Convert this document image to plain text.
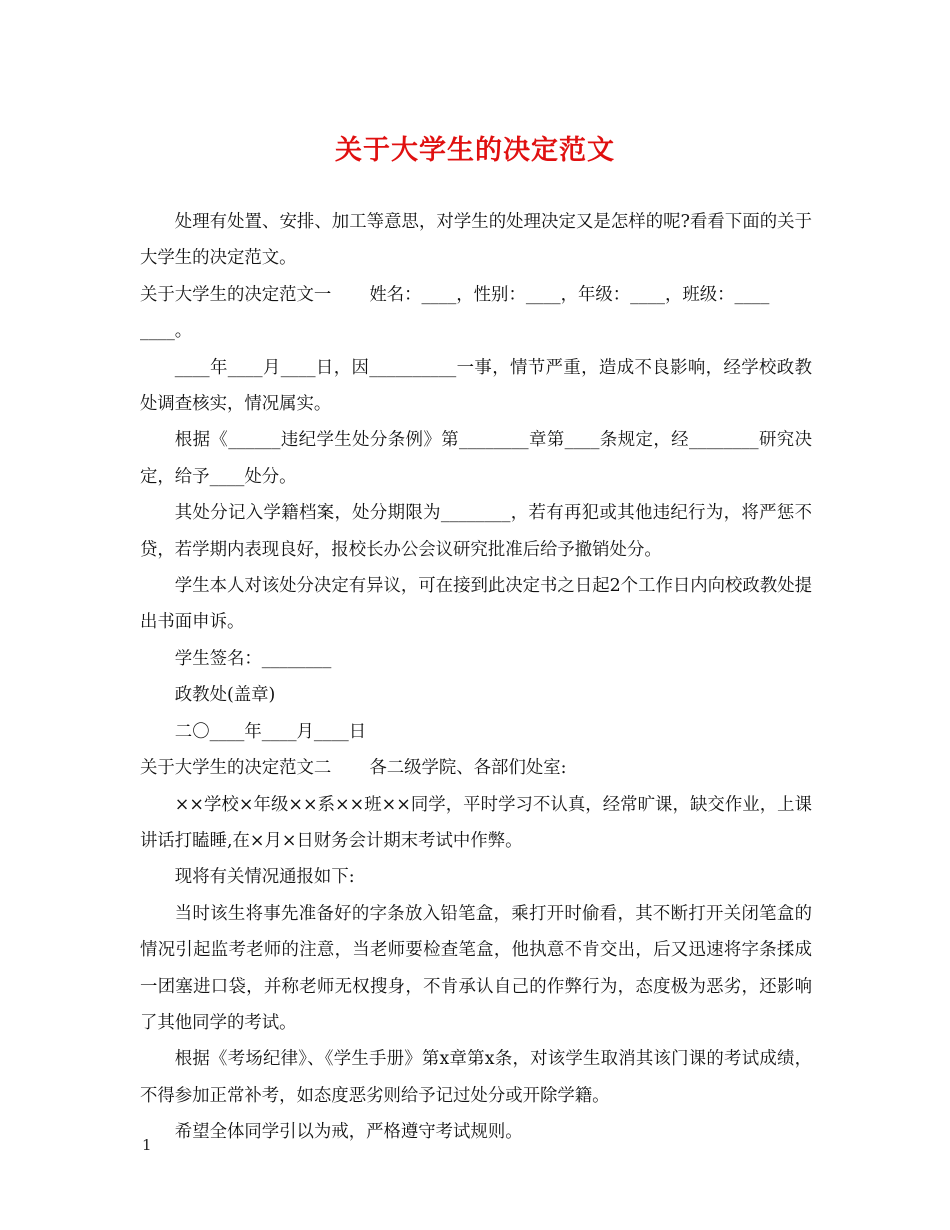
关于大学生的决定范文

处理有处置、安排、加工等意思，对学生的处理决定又是怎样的呢?看看下面的关于大学生的决定范文。

关于大学生的决定范文一 姓名：____，性别：____，年级：____，班级：____

____。

____年____月____日，因__________一事，情节严重，造成不良影响，经学校政教处调查核实，情况属实。

根据《______违纪学生处分条例》第________章第____条规定，经________研究决定，给予____处分。

其处分记入学籍档案，处分期限为________，若有再犯或其他违纪行为，将严惩不贷，若学期内表现良好，报校长办公会议研究批准后给予撤销处分。

学生本人对该处分决定有异议，可在接到此决定书之日起2个工作日内向校政教处提出书面申诉。

学生签名：________

政教处(盖章)

二〇____年____月____日

关于大学生的决定范文二 各二级学院、各部们处室:

××学校×年级××系××班××同学，平时学习不认真，经常旷课，缺交作业，上课讲话打瞌睡,在×月×日财务会计期末考试中作弊。

现将有关情况通报如下:

当时该生将事先准备好的字条放入铅笔盒，乘打开时偷看，其不断打开关闭笔盒的情况引起监考老师的注意，当老师要检查笔盒，他执意不肯交出，后又迅速将字条揉成一团塞进口袋，并称老师无权搜身，不肯承认自己的作弊行为，态度极为恶劣，还影响了其他同学的考试。

根据《考场纪律》、《学生手册》第x章第x条，对该学生取消其该门课的考试成绩，不得参加正常补考，如态度恶劣则给予记过处分或开除学籍。

希望全体同学引以为戒，严格遵守考试规则。

1
